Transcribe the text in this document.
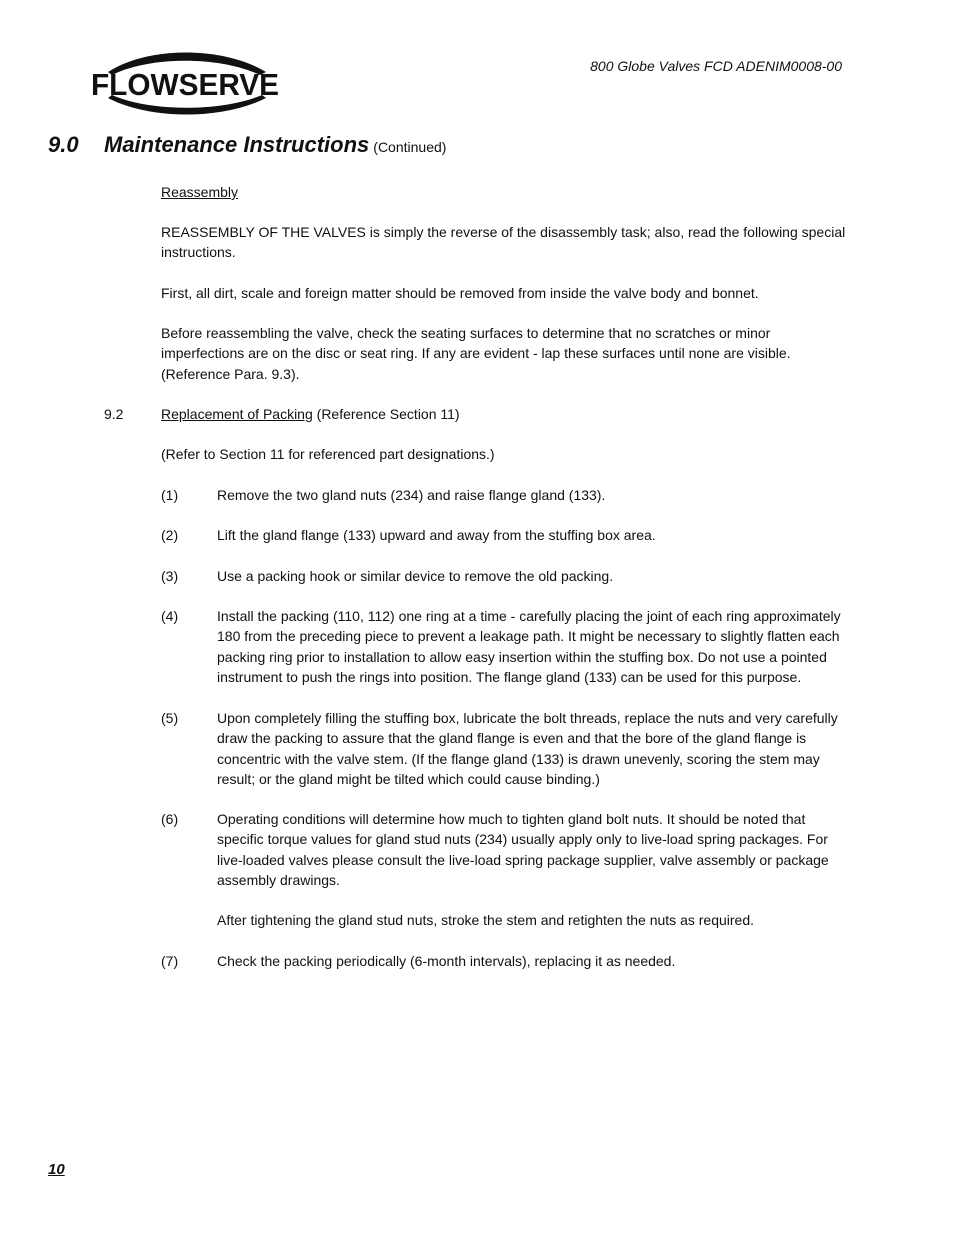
FLOWSERVE
800 Globe Valves FCD ADENIM0008-00
9.0 Maintenance Instructions (Continued)
Reassembly
REASSEMBLY OF THE VALVES is simply the reverse of the disassembly task; also, read the following special instructions.
First, all dirt, scale and foreign matter should be removed from inside the valve body and bonnet.
Before reassembling the valve, check the seating surfaces to determine that no scratches or minor imperfections are on the disc or seat ring. If any are evident - lap these surfaces until none are visible. (Reference Para. 9.3).
9.2	Replacement of Packing (Reference Section 11)
(Refer to Section 11 for referenced part designations.)
(1)	Remove the two gland nuts (234) and raise flange gland (133).
(2)	Lift the gland flange (133) upward and away from the stuffing box area.
(3)	Use a packing hook or similar device to remove the old packing.
(4)	Install the packing (110, 112) one ring at a time - carefully placing the joint of each ring approximately 180 from the preceding piece to prevent a leakage path. It might be necessary to slightly flatten each packing ring prior to installation to allow easy insertion within the stuffing box. Do not use a pointed instrument to push the rings into position. The flange gland (133) can be used for this purpose.
(5)	Upon completely filling the stuffing box, lubricate the bolt threads, replace the nuts and very carefully draw the packing to assure that the gland flange is even and that the bore of the gland flange is concentric with the valve stem. (If the flange gland (133) is drawn unevenly, scoring the stem may result; or the gland might be tilted which could cause binding.)
(6)	Operating conditions will determine how much to tighten gland bolt nuts. It should be noted that specific torque values for gland stud nuts (234) usually apply only to live-load spring packages. For live-loaded valves please consult the live-load spring package supplier, valve assembly or package assembly drawings.
After tightening the gland stud nuts, stroke the stem and retighten the nuts as required.
(7)	Check the packing periodically (6-month intervals), replacing it as needed.
10
